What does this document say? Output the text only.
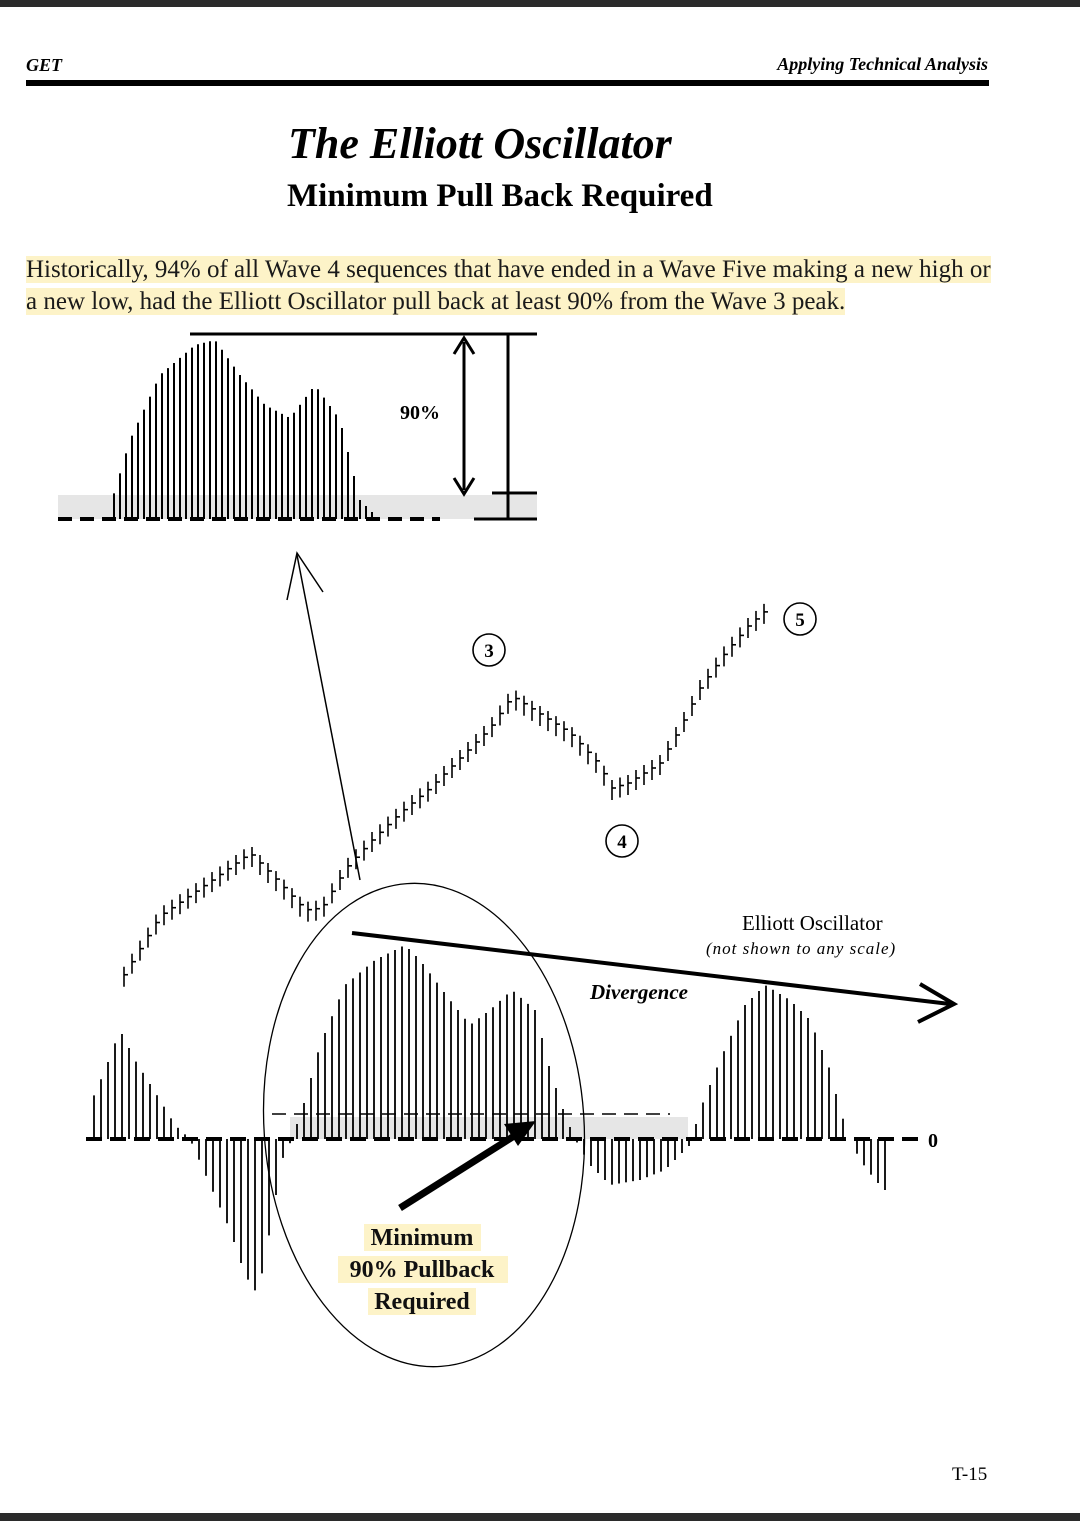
GET	Applying Technical Analysis
The Elliott Oscillator
Minimum Pull Back Required
Historically, 94% of all Wave 4 sequences that have ended in a Wave Five making a new high or a new low, had the Elliott Oscillator pull back at least 90% from the Wave 3 peak.
90%
3
4
5
0
Divergence
Elliott Oscillator
(not shown to any scale)
Minimum
90% Pullback
Required
T-15
